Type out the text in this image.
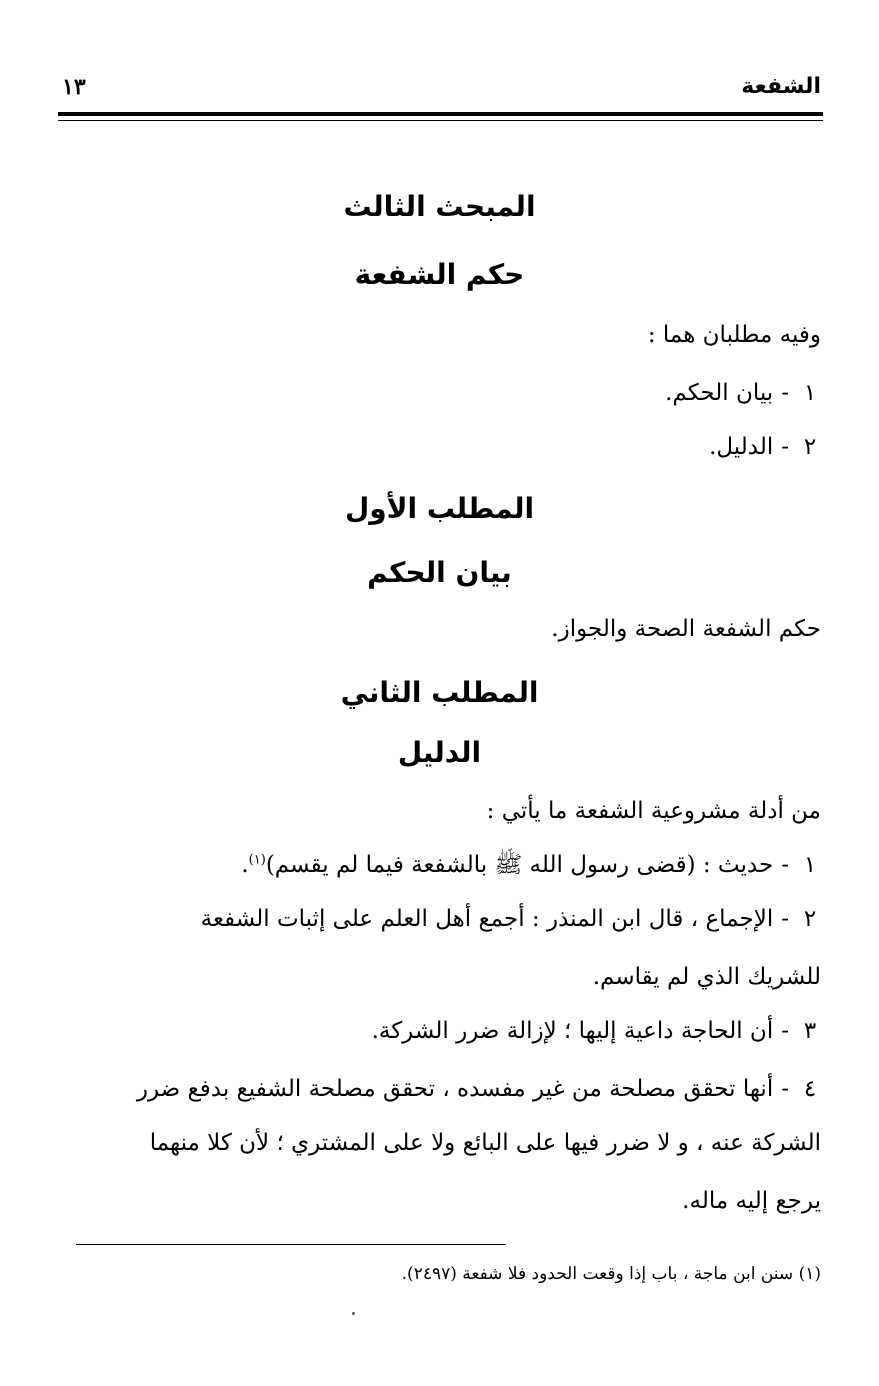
الشفعة
١٣
المبحث الثالث
حكم الشفعة
وفيه مطلبان هما :
١-بيان الحكم.
٢-الدليل.
المطلب الأول
بيان الحكم
حكم الشفعة الصحة والجواز.
المطلب الثاني
الدليل
من أدلة مشروعية الشفعة ما يأتي :
١-حديث : (قضى رسول الله ﷺ بالشفعة فيما لم يقسم)$^{(١)}$.
٢-الإجماع ، قال ابن المنذر : أجمع أهل العلم على إثبات الشفعة
للشريك الذي لم يقاسم.
٣-أن الحاجة داعية إليها ؛ لإزالة ضرر الشركة.
٤-أنها تحقق مصلحة من غير مفسده ، تحقق مصلحة الشفيع بدفع ضرر
الشركة عنه ، و لا ضرر فيها على البائع ولا على المشتري ؛ لأن كلا منهما
يرجع إليه ماله.
(١) سنن ابن ماجة ، باب إذا وقعت الحدود فلا شفعة (٢٤٩٧).
